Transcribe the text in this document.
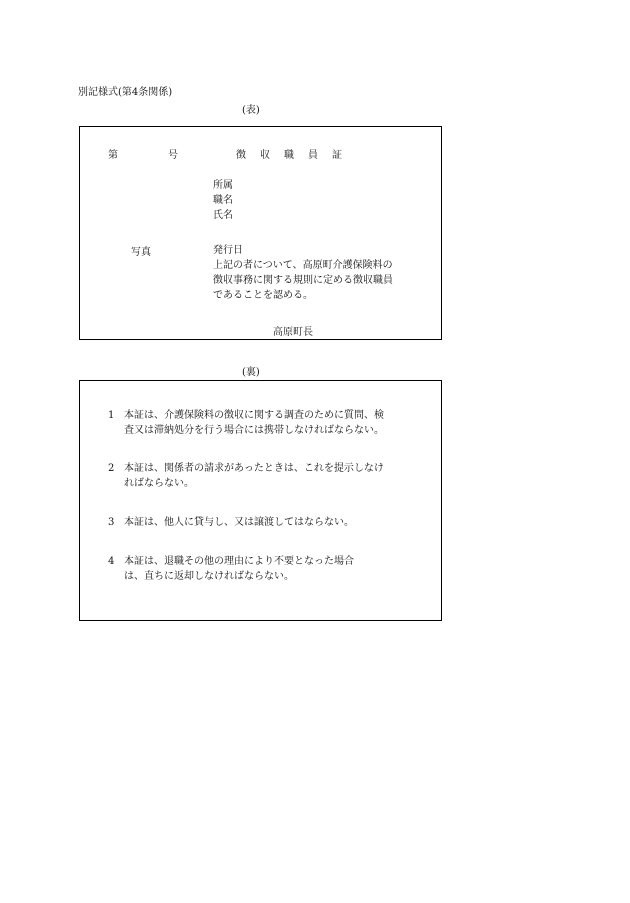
別記様式(第4条関係)
(表)
第	号	徴　収　職　員　証
所属
職名
氏名
写真	発行日
上記の者について、高原町介護保険料の
徴収事務に関する規則に定める徴収職員
であることを認める。
高原町長
(裏)
1 本証は、介護保険料の徴収に関する調査のために質問、検
査又は滞納処分を行う場合には携帯しなければならない。
2 本証は、関係者の請求があったときは、これを提示しなけ
ればならない。
3 本証は、他人に貸与し、又は譲渡してはならない。
4 本証は、退職その他の理由により不要となった場合
は、直ちに返却しなければならない。
